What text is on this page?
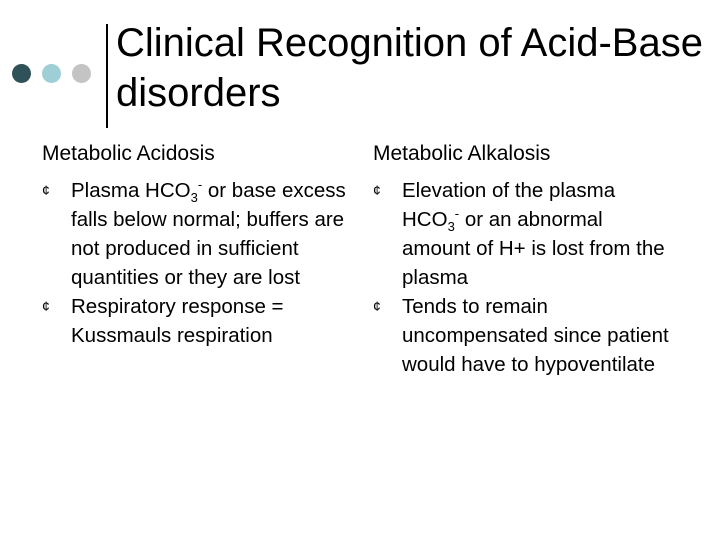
Clinical Recognition of Acid-Base disorders
Metabolic Acidosis
¢	Plasma $HCO_3^-$ or base excess falls below normal; buffers are not produced in sufficient quantities or they are lost
¢	Respiratory response = Kussmauls respiration
Metabolic Alkalosis
¢	Elevation of the plasma $HCO_3^-$ or an abnormal amount of H+ is lost from the plasma
¢	Tends to remain uncompensated since patient would have to hypoventilate
